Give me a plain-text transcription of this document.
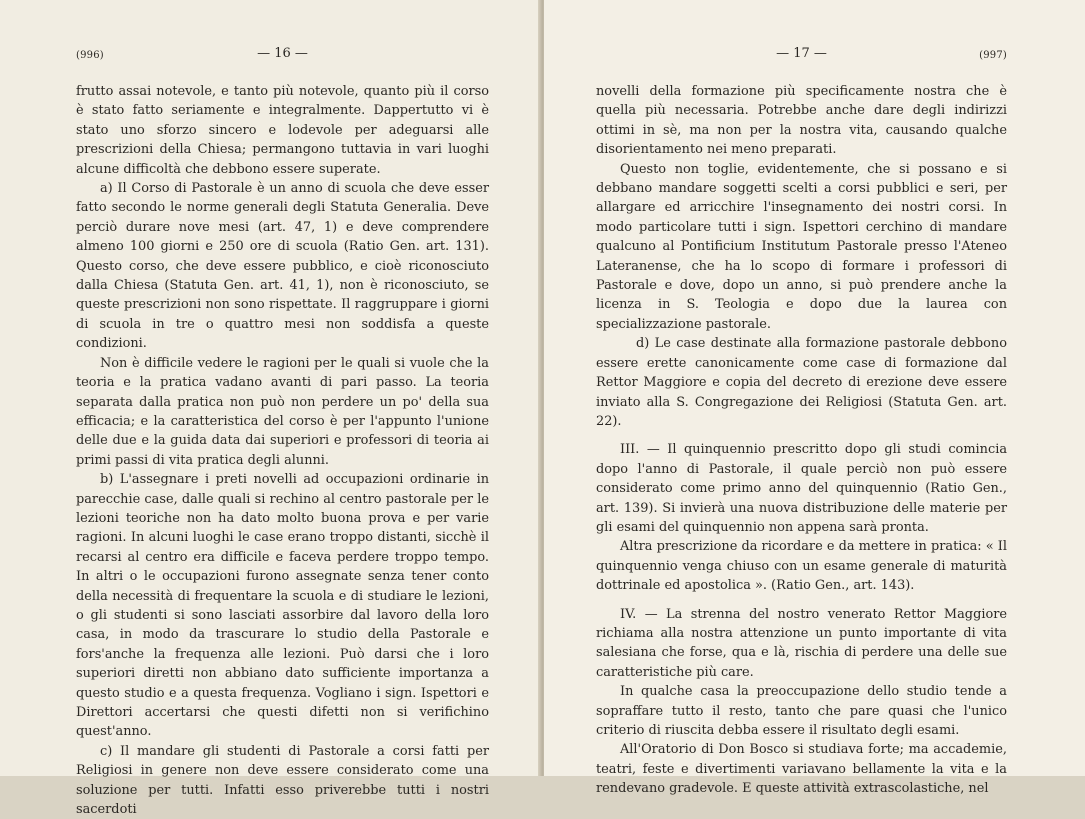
(996)	— 16 —

frutto assai notevole, e tanto più notevole, quanto più il corso è stato fatto seriamente e integralmente. Dappertutto vi è stato uno sforzo sincero e lodevole per adeguarsi alle prescrizioni della Chiesa; permangono tuttavia in vari luoghi alcune difficoltà che debbono essere superate.

a) Il Corso di Pastorale è un anno di scuola che deve esser fatto secondo le norme generali degli Statuta Generalia. Deve perciò durare nove mesi (art. 47, 1) e deve comprendere almeno 100 giorni e 250 ore di scuola (Ratio Gen. art. 131). Questo corso, che deve essere pubblico, e cioè riconosciuto dalla Chiesa (Statuta Gen. art. 41, 1), non è riconosciuto, se queste prescrizioni non sono rispettate. Il raggruppare i giorni di scuola in tre o quattro mesi non soddisfa a queste condizioni.

Non è difficile vedere le ragioni per le quali si vuole che la teoria e la pratica vadano avanti di pari passo. La teoria separata dalla pratica non può non perdere un po' della sua efficacia; e la caratteristica del corso è per l'appunto l'unione delle due e la guida data dai superiori e professori di teoria ai primi passi di vita pratica degli alunni.

b) L'assegnare i preti novelli ad occupazioni ordinarie in parecchie case, dalle quali si rechino al centro pastorale per le lezioni teoriche non ha dato molto buona prova e per varie ragioni. In alcuni luoghi le case erano troppo distanti, sicchè il recarsi al centro era difficile e faceva perdere troppo tempo. In altri o le occupazioni furono assegnate senza tener conto della necessità di frequentare la scuola e di studiare le lezioni, o gli studenti si sono lasciati assorbire dal lavoro della loro casa, in modo da trascurare lo studio della Pastorale e fors'anche la frequenza alle lezioni. Può darsi che i loro superiori diretti non abbiano dato sufficiente importanza a questo studio e a questa frequenza. Vogliano i sign. Ispettori e Direttori accertarsi che questi difetti non si verifichino quest'anno.

c) Il mandare gli studenti di Pastorale a corsi fatti per Religiosi in genere non deve essere considerato come una soluzione per tutti. Infatti esso priverebbe tutti i nostri sacerdoti

— 17 —	(997)

novelli della formazione più specificamente nostra che è quella più necessaria. Potrebbe anche dare degli indirizzi ottimi in sè, ma non per la nostra vita, causando qualche disorientamento nei meno preparati.

Questo non toglie, evidentemente, che si possano e si debbano mandare soggetti scelti a corsi pubblici e seri, per allargare ed arricchire l'insegnamento dei nostri corsi. In modo particolare tutti i sign. Ispettori cerchino di mandare qualcuno al Pontificium Institutum Pastorale presso l'Ateneo Lateranense, che ha lo scopo di formare i professori di Pastorale e dove, dopo un anno, si può prendere anche la licenza in S. Teologia e dopo due la laurea con specializzazione pastorale.

d) Le case destinate alla formazione pastorale debbono essere erette canonicamente come case di formazione dal Rettor Maggiore e copia del decreto di erezione deve essere inviato alla S. Congregazione dei Religiosi (Statuta Gen. art. 22).

III. — Il quinquennio prescritto dopo gli studi comincia dopo l'anno di Pastorale, il quale perciò non può essere considerato come primo anno del quinquennio (Ratio Gen., art. 139). Si invierà una nuova distribuzione delle materie per gli esami del quinquennio non appena sarà pronta.

Altra prescrizione da ricordare e da mettere in pratica: « Il quinquennio venga chiuso con un esame generale di maturità dottrinale ed apostolica ». (Ratio Gen., art. 143).

IV. — La strenna del nostro venerato Rettor Maggiore richiama alla nostra attenzione un punto importante di vita salesiana che forse, qua e là, rischia di perdere una delle sue caratteristiche più care.

In qualche casa la preoccupazione dello studio tende a sopraffare tutto il resto, tanto che pare quasi che l'unico criterio di riuscita debba essere il risultato degli esami.

All'Oratorio di Don Bosco si studiava forte; ma accademie, teatri, feste e divertimenti variavano bellamente la vita e la rendevano gradevole. E queste attività extrascolastiche, nel
